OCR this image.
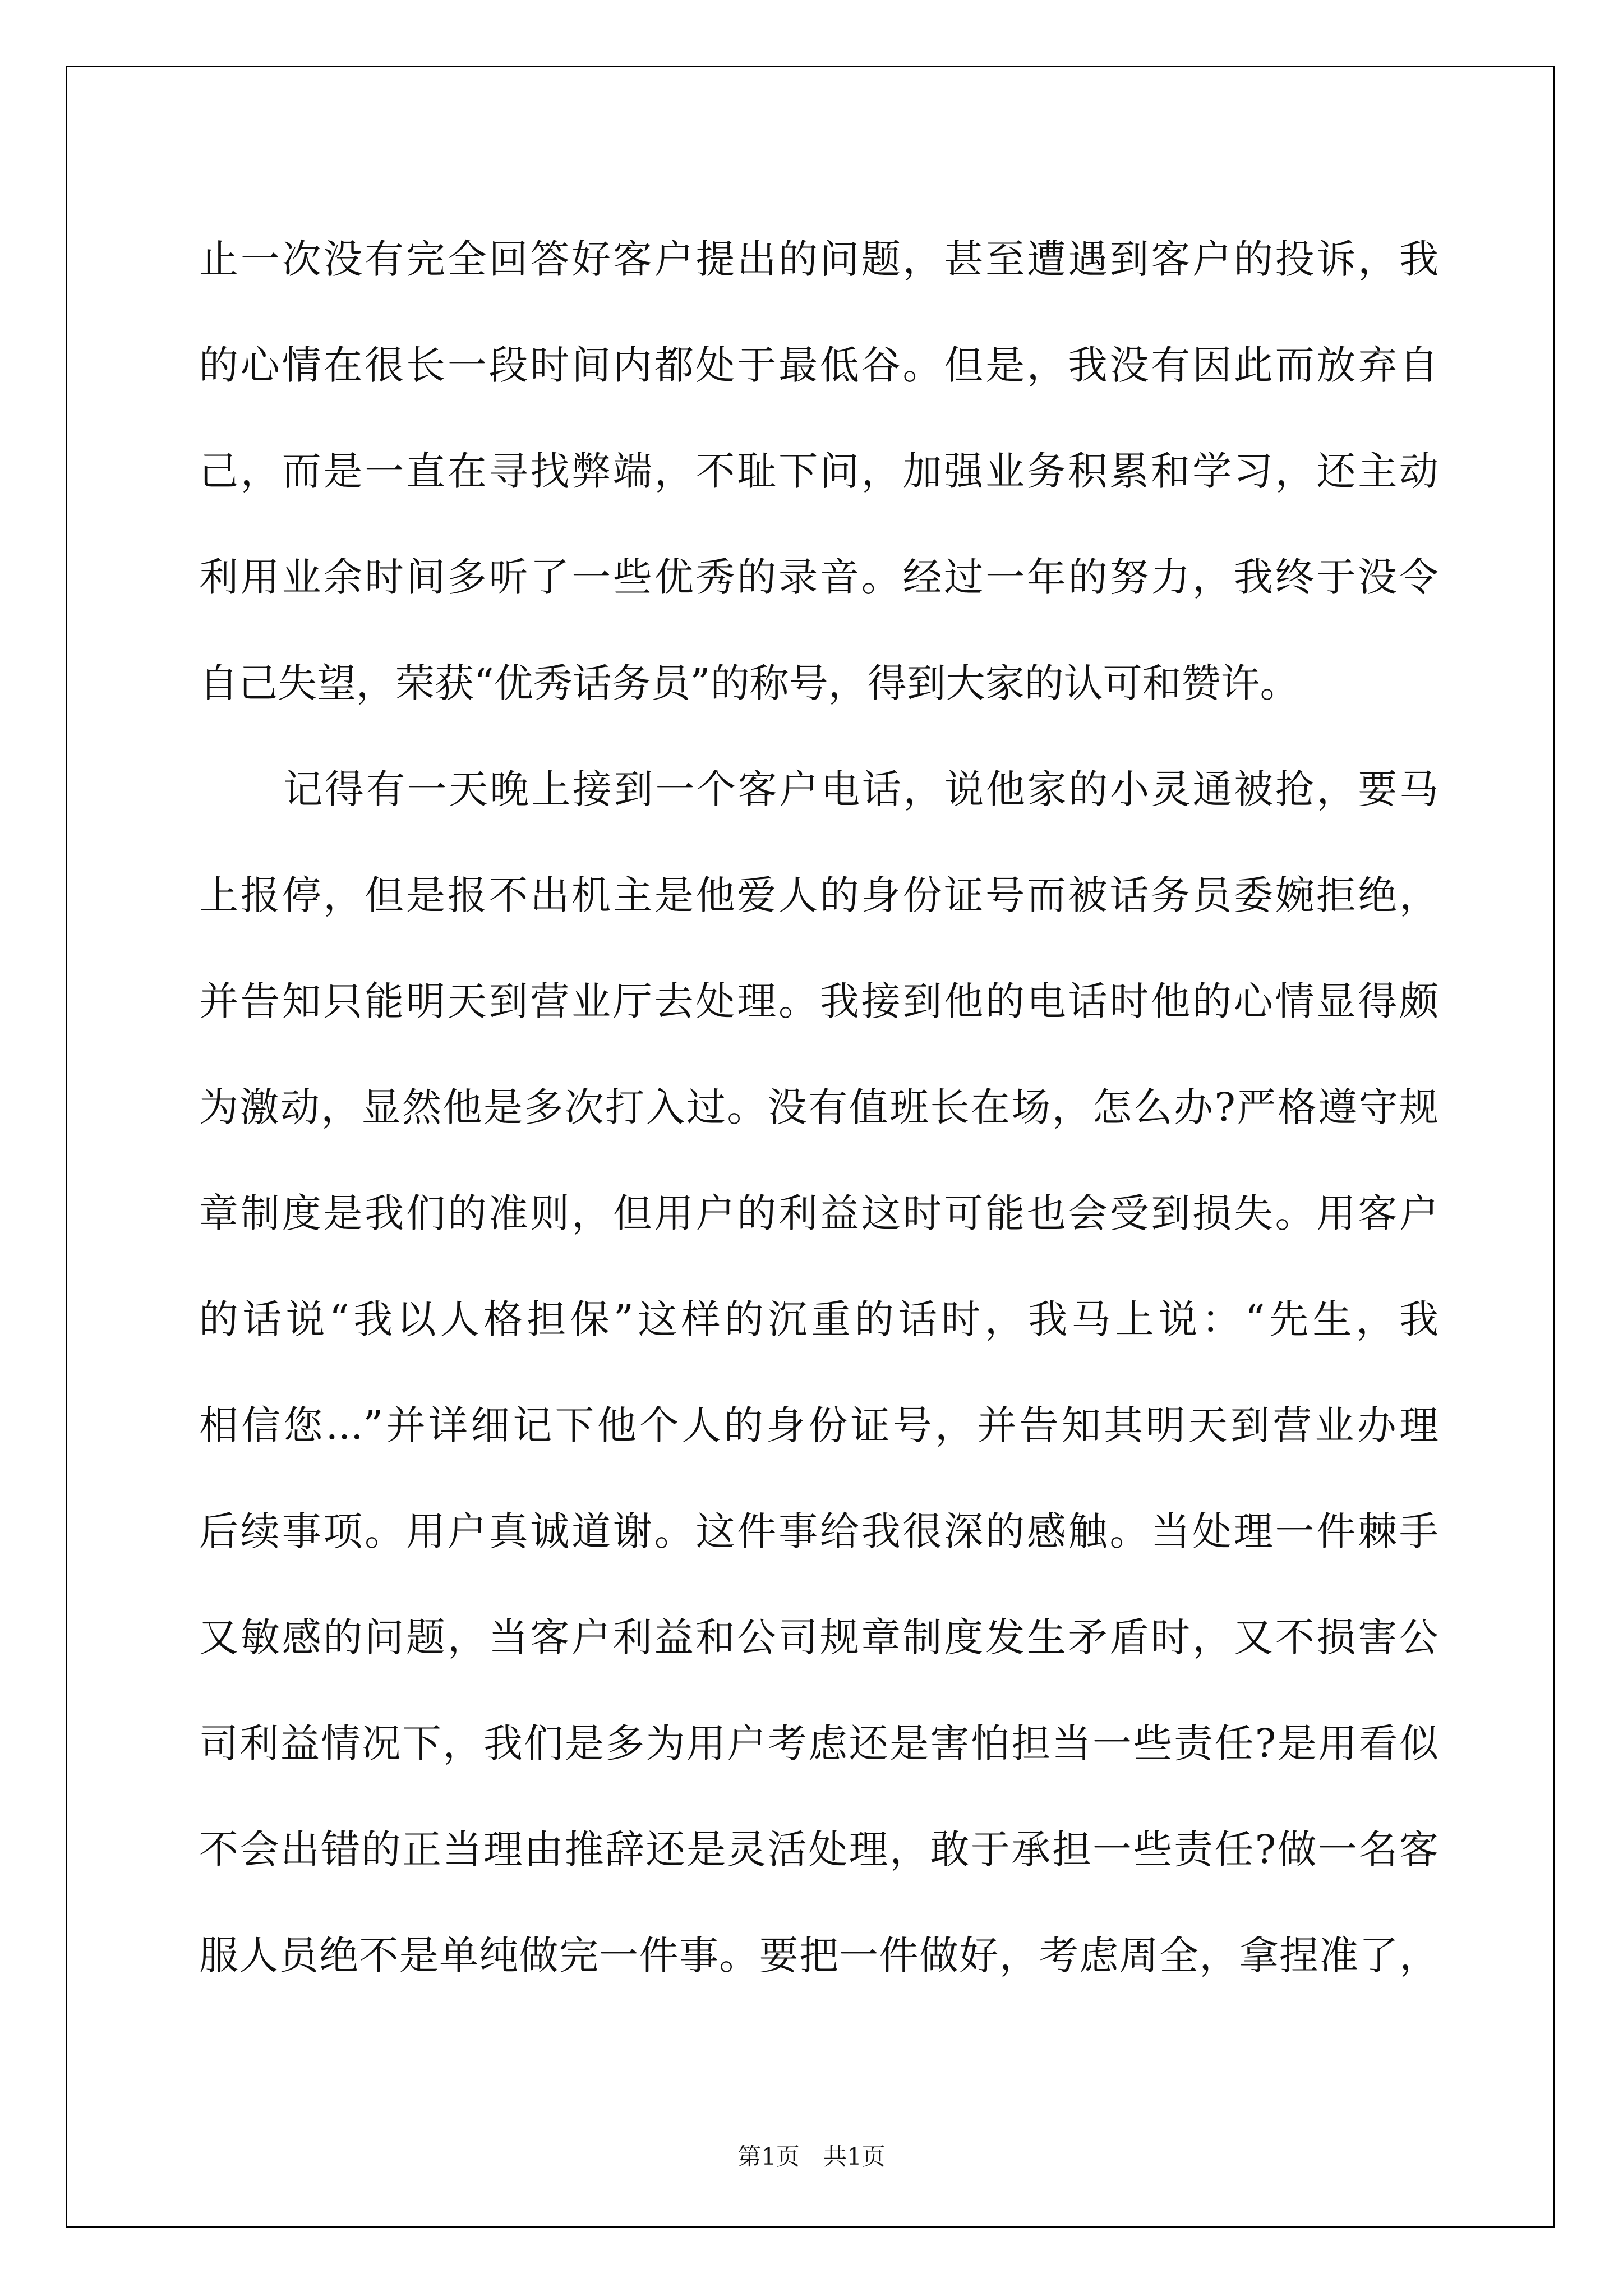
止一次没有完全回答好客户提出的问题，甚至遭遇到客户的投诉，我
的心情在很长一段时间内都处于最低谷。但是，我没有因此而放弃自
己，而是一直在寻找弊端，不耻下问，加强业务积累和学习，还主动
利用业余时间多听了一些优秀的录音。经过一年的努力，我终于没令
自己失望，荣获“优秀话务员”的称号，得到大家的认可和赞许。
记得有一天晚上接到一个客户电话，说他家的小灵通被抢，要马
上报停，但是报不出机主是他爱人的身份证号而被话务员委婉拒绝，
并告知只能明天到营业厅去处理。我接到他的电话时他的心情显得颇
为激动，显然他是多次打入过。没有值班长在场，怎么办?严格遵守规
章制度是我们的准则，但用户的利益这时可能也会受到损失。用客户
的话说“我以人格担保”这样的沉重的话时，我马上说：“先生，我
相信您...”并详细记下他个人的身份证号，并告知其明天到营业办理
后续事项。用户真诚道谢。这件事给我很深的感触。当处理一件棘手
又敏感的问题，当客户利益和公司规章制度发生矛盾时，又不损害公
司利益情况下，我们是多为用户考虑还是害怕担当一些责任?是用看似
不会出错的正当理由推辞还是灵活处理，敢于承担一些责任?做一名客
服人员绝不是单纯做完一件事。要把一件做好，考虑周全，拿捏准了，
第1页　共1页
